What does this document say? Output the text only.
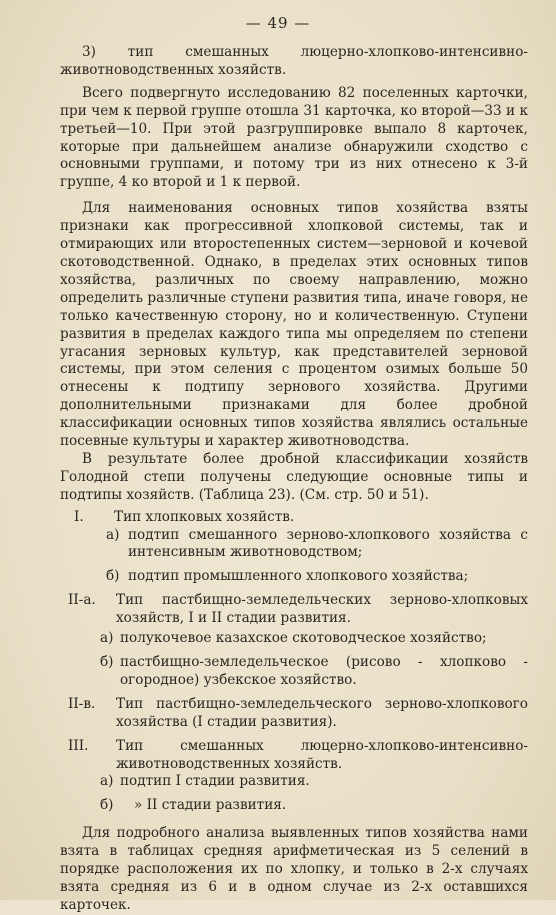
— 49 —

3) тип смешанных люцерно-хлопково-интенсивно-животноводственных хозяйств.

Всего подвергнуто исследованию 82 поселенных карточки, при чем к первой группе отошла 31 карточка, ко второй—33 и к третьей—10. При этой разгруппировке выпало 8 карточек, которые при дальнейшем анализе обнаружили сходство с основными группами, и потому три из них отнесено к 3-й группе, 4 ко второй и 1 к первой.

Для наименования основных типов хозяйства взяты признаки как прогрессивной хлопковой системы, так и отмирающих или второстепенных систем—зерновой и кочевой скотоводственной. Однако, в пределах этих основных типов хозяйства, различных по своему направлению, можно определить различные ступени развития типа, иначе говоря, не только качественную сторону, но и количественную. Ступени развития в пределах каждого типа мы определяем по степени угасания зерновых культур, как представителей зерновой системы, при этом селения с процентом озимых больше 50 отнесены к подтипу зернового хозяйства. Другими дополнительными признаками для более дробной классификации основных типов хозяйства являлись остальные посевные культуры и характер животноводства.

В результате более дробной классификации хозяйств Голодной степи получены следующие основные типы и подтипы хозяйств. (Таблица 23). (См. стр. 50 и 51).

I.	Тип хлопковых хозяйств.
а) подтип смешанного зерново-хлопкового хозяйства с интенсивным животноводством;
б) подтип промышленного хлопкового хозяйства;
II-а.	Тип пастбищно-земледельческих зерново-хлопковых хозяйств, I и II стадии развития.
а) полукочевое казахское скотоводческое хозяйство;
б) пастбищно-земледельческое (рисово - хлопково - огородное) узбекское хозяйство.
II-в.	Тип пастбищно-земледельческого зерново-хлопкового хозяйства (I стадии развития).
III.	Тип смешанных люцерно-хлопково-интенсивно-животноводственных хозяйств.
а) подтип I стадии развития.
б)	» II стадии развития.

Для подробного анализа выявленных типов хозяйства нами взята в таблицах средняя арифметическая из 5 селений в порядке расположения их по хлопку, и только в 2-х случаях взята средняя из 6 и в одном случае из 2-х оставшихся карточек.
